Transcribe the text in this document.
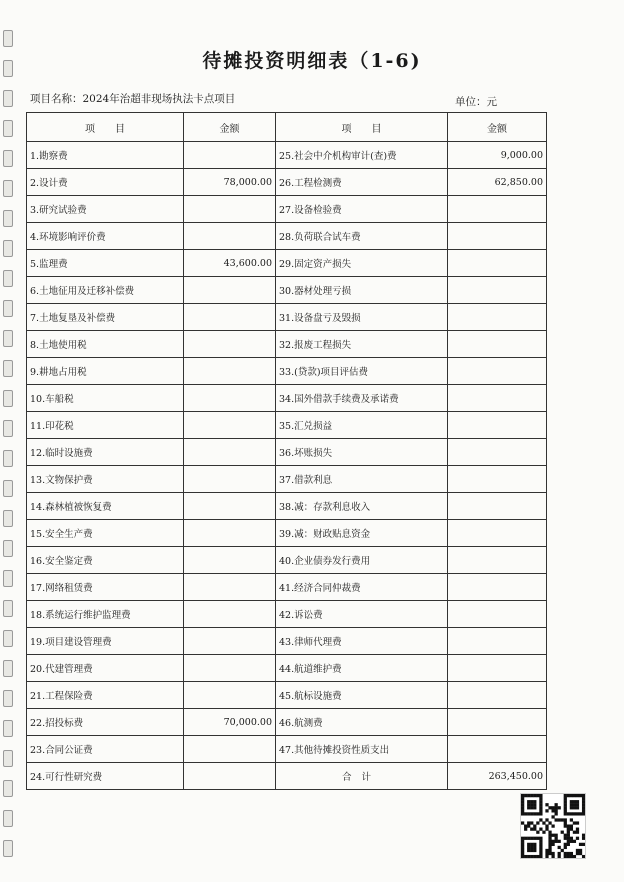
待摊投资明细表（1-6)
项目名称：2024年治超非现场执法卡点项目	单位：元
项　　目	金额	项　　目	金额
1.勘察费		25.社会中介机构审计(查)费	9,000.00
2.设计费	78,000.00	26.工程检测费	62,850.00
3.研究试验费		27.设备检验费	
4.环境影响评价费		28.负荷联合试车费	
5.监理费	43,600.00	29.固定资产损失	
6.土地征用及迁移补偿费		30.器材处理亏损	
7.土地复垦及补偿费		31.设备盘亏及毁损	
8.土地使用税		32.报废工程损失	
9.耕地占用税		33.(贷款)项目评估费	
10.车船税		34.国外借款手续费及承诺费	
11.印花税		35.汇兑损益	
12.临时设施费		36.坏账损失	
13.文物保护费		37.借款利息	
14.森林植被恢复费		38.减：存款利息收入	
15.安全生产费		39.减：财政贴息资金	
16.安全鉴定费		40.企业债券发行费用	
17.网络租赁费		41.经济合同仲裁费	
18.系统运行维护监理费		42.诉讼费	
19.项目建设管理费		43.律师代理费	
20.代建管理费		44.航道维护费	
21.工程保险费		45.航标设施费	
22.招投标费	70,000.00	46.航测费	
23.合同公证费		47.其他待摊投资性质支出	
24.可行性研究费		合计	263,450.00
